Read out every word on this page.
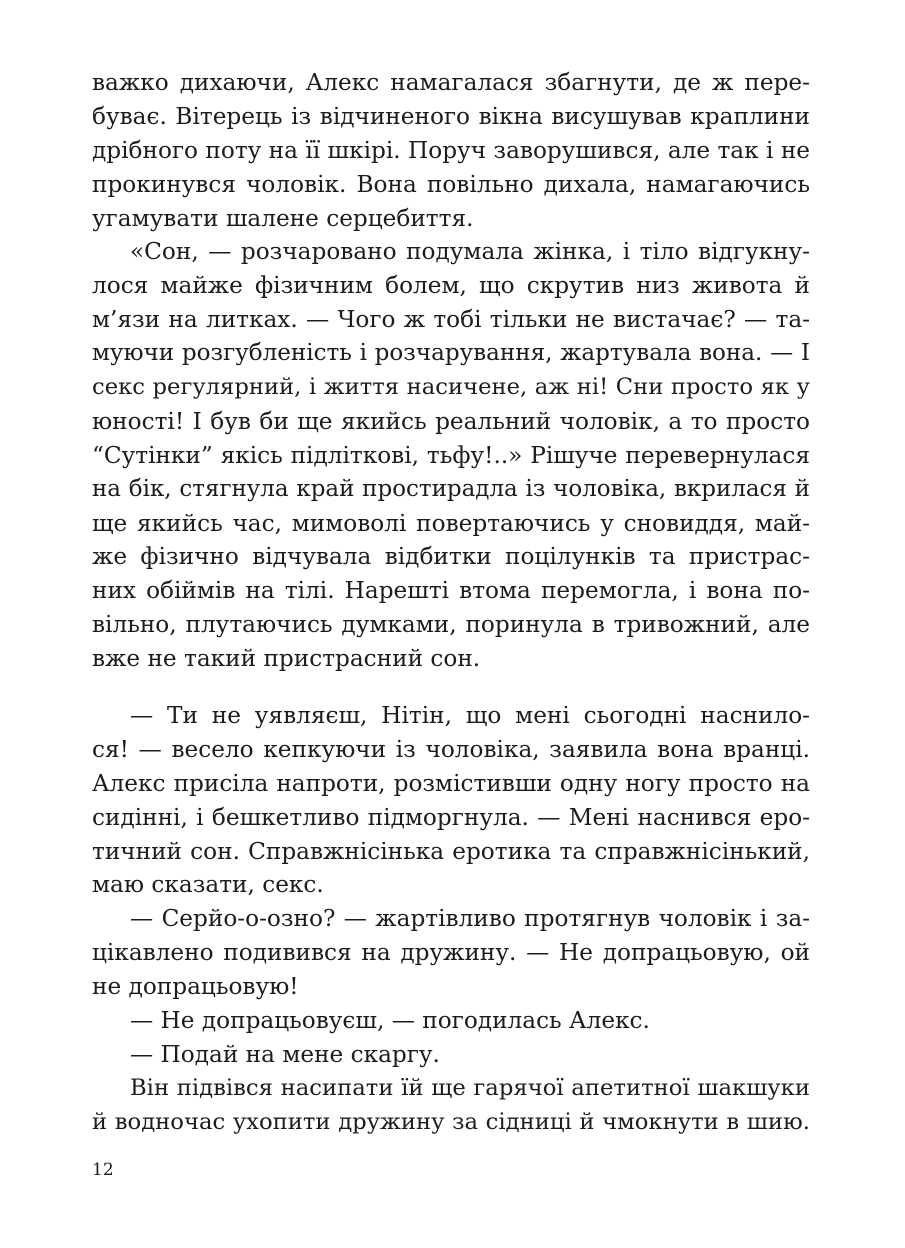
важко дихаючи, Алекс намагалася збагнути, де ж пере-
буває. Вітерець із відчиненого вікна висушував краплини
дрібного поту на її шкірі. Поруч заворушився, але так і не
прокинувся чоловік. Вона повільно дихала, намагаючись
угамувати шалене серцебиття.
«Сон, — розчаровано подумала жінка, і тіло відгукну-
лося майже фізичним болем, що скрутив низ живота й
м’язи на литках. — Чого ж тобі тільки не вистачає? — та-
муючи розгубленість і розчарування, жартувала вона. — І
секс регулярний, і життя насичене, аж ні! Сни просто як у
юності! І був би ще якийсь реальний чоловік, а то просто
“Сутінки” якісь підліткові, тьфу!..» Рішуче перевернулася
на бік, стягнула край простирадла із чоловіка, вкрилася й
ще якийсь час, мимоволі повертаючись у сновиддя, май-
же фізично відчувала відбитки поцілунків та пристрас-
них обіймів на тілі. Нарешті втома перемогла, і вона по-
вільно, плутаючись думками, поринула в тривожний, але
вже не такий пристрасний сон.
— Ти не уявляєш, Нітін, що мені сьогодні наснило-
ся! — весело кепкуючи із чоловіка, заявила вона вранці.
Алекс присіла напроти, розмістивши одну ногу просто на
сидінні, і бешкетливо підморгнула. — Мені наснився еро-
тичний сон. Справжнісінька еротика та справжнісінький,
маю сказати, секс.
— Серйо-о-озно? — жартівливо протягнув чоловік і за-
цікавлено подивився на дружину. — Не допрацьовую, ой
не допрацьовую!
— Не допрацьовуєш, — погодилась Алекс.
— Подай на мене скаргу.
Він підвівся насипати їй ще гарячої апетитної шакшуки
й водночас ухопити дружину за сідниці й чмокнути в шию.
12
